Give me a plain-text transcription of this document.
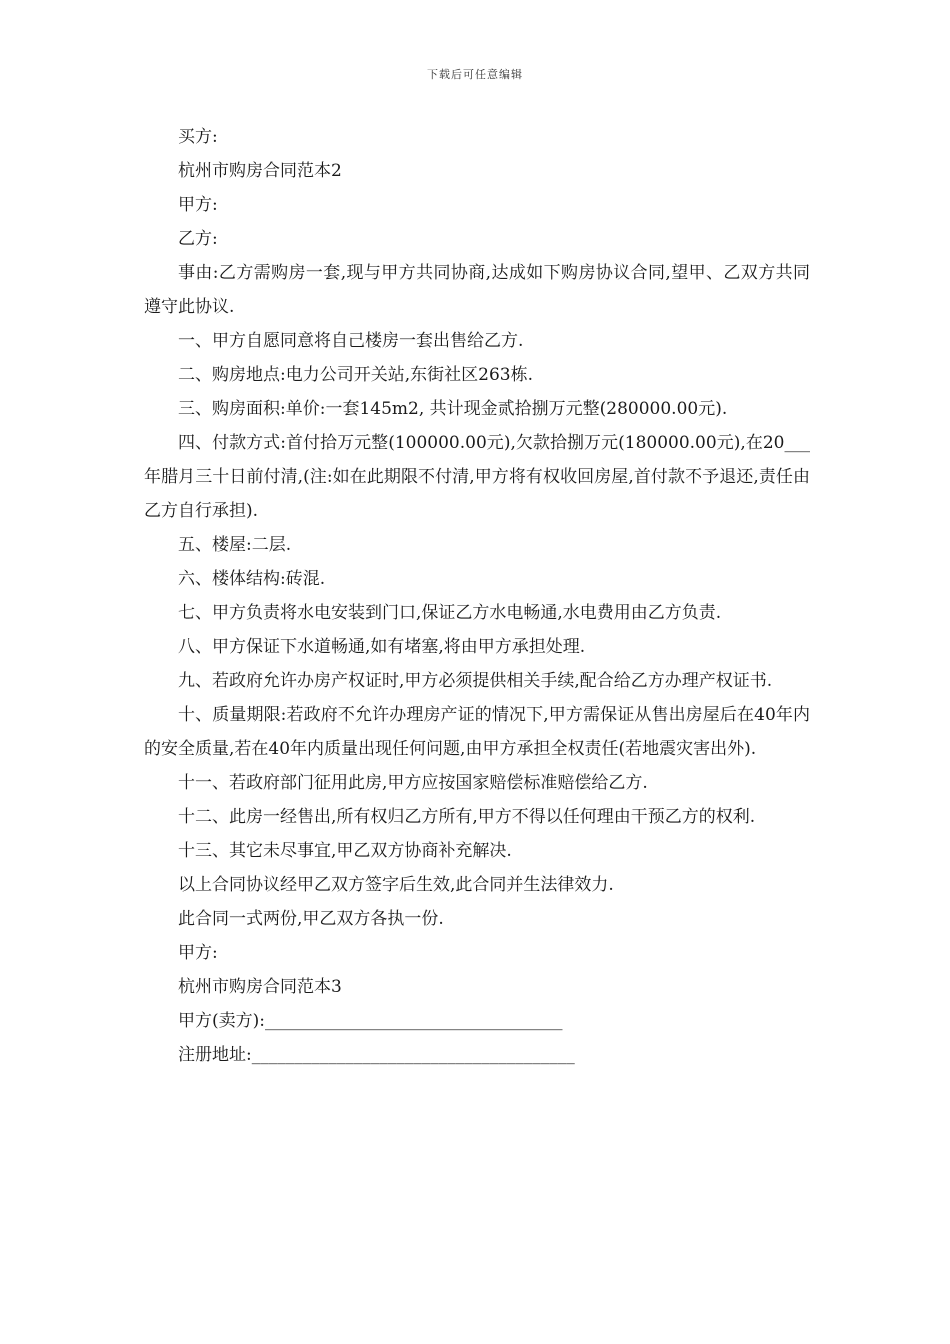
下载后可任意编辑

买方:

杭州市购房合同范本2

甲方:

乙方:

事由:乙方需购房一套,现与甲方共同协商,达成如下购房协议合同,望甲、乙双方共同遵守此协议.

一、甲方自愿同意将自己楼房一套出售给乙方.

二、购房地点:电力公司开关站,东街社区263栋.

三、购房面积:单价:一套145m2, 共计现金贰拾捌万元整(280000.00元).

四、付款方式:首付拾万元整(100000.00元),欠款拾捌万元(180000.00元),在20___年腊月三十日前付清,(注:如在此期限不付清,甲方将有权收回房屋,首付款不予退还,责任由乙方自行承担).

五、楼屋:二层.

六、楼体结构:砖混.

七、甲方负责将水电安装到门口,保证乙方水电畅通,水电费用由乙方负责.

八、甲方保证下水道畅通,如有堵塞,将由甲方承担处理.

九、若政府允许办房产权证时,甲方必须提供相关手续,配合给乙方办理产权证书.

十、质量期限:若政府不允许办理房产证的情况下,甲方需保证从售出房屋后在40年内的安全质量,若在40年内质量出现任何问题,由甲方承担全权责任(若地震灾害出外).

十一、若政府部门征用此房,甲方应按国家赔偿标准赔偿给乙方.

十二、此房一经售出,所有权归乙方所有,甲方不得以任何理由干预乙方的权利.

十三、其它未尽事宜,甲乙双方协商补充解决.

以上合同协议经甲乙双方签字后生效,此合同并生法律效力.

此合同一式两份,甲乙双方各执一份.

甲方:

杭州市购房合同范本3

甲方(卖方):___________________________________

注册地址:______________________________________
